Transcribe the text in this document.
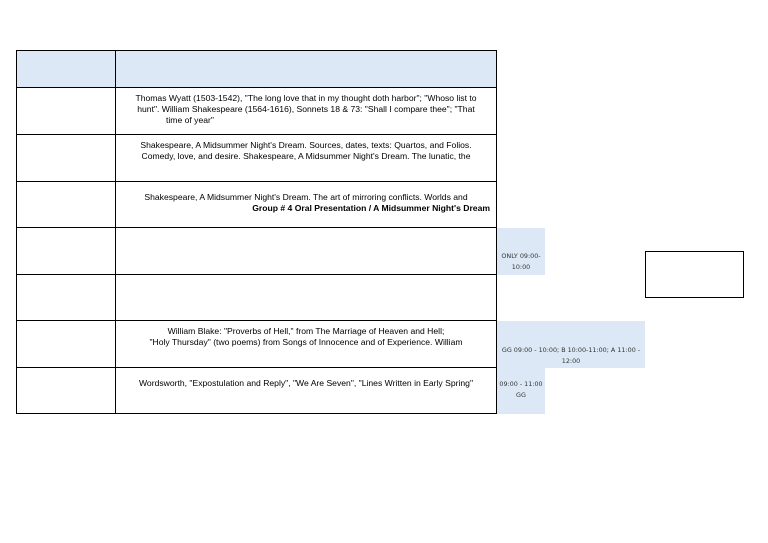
Thomas Wyatt (1503-1542), "The long love that in my thought doth harbor"; "Whoso list to
hunt". William Shakespeare (1564-1616), Sonnets 18 & 73: "Shall I compare thee"; "That
time of year"
Shakespeare, A Midsummer Night's Dream. Sources, dates, texts: Quartos, and Folios.
Comedy, love, and desire. Shakespeare, A Midsummer Night's Dream. The lunatic, the
Shakespeare, A Midsummer Night's Dream. The art of mirroring conflicts. Worlds and
Group # 4 Oral Presentation / A Midsummer Night's Dream
William Blake: "Proverbs of Hell," from The Marriage of Heaven and Hell;
"Holy Thursday" (two poems) from Songs of Innocence and of Experience. William
Wordsworth, "Expostulation and Reply", "We Are Seven", "Lines Written in Early Spring"
ONLY 09:00-
10:00
GG 09:00 - 10:00; B 10:00-11:00; A 11:00 -
12:00
09:00 - 11:00
GG
